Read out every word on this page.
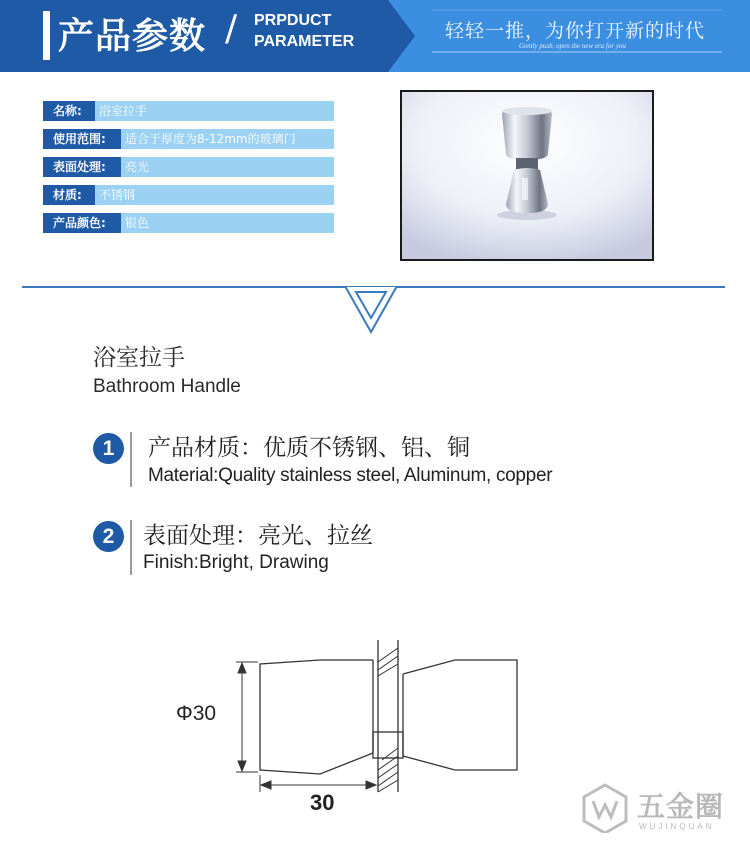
产品参数 / PRPDUCT
PARAMETER	轻轻一推，为你打开新的时代
Gently push, open the new era for you
名称:	浴室拉手
使用范围:	适合于厚度为8-12mm的玻璃门
表面处理:	亮光
材质:	不锈钢
产品颜色:	银色
浴室拉手
Bathroom Handle
1	产品材质：优质不锈钢、铝、铜
Material:Quality stainless steel, Aluminum, copper
2	表面处理：亮光、拉丝
Finish:Bright, Drawing
Φ30
30	五金圈
WUJINQUAN
